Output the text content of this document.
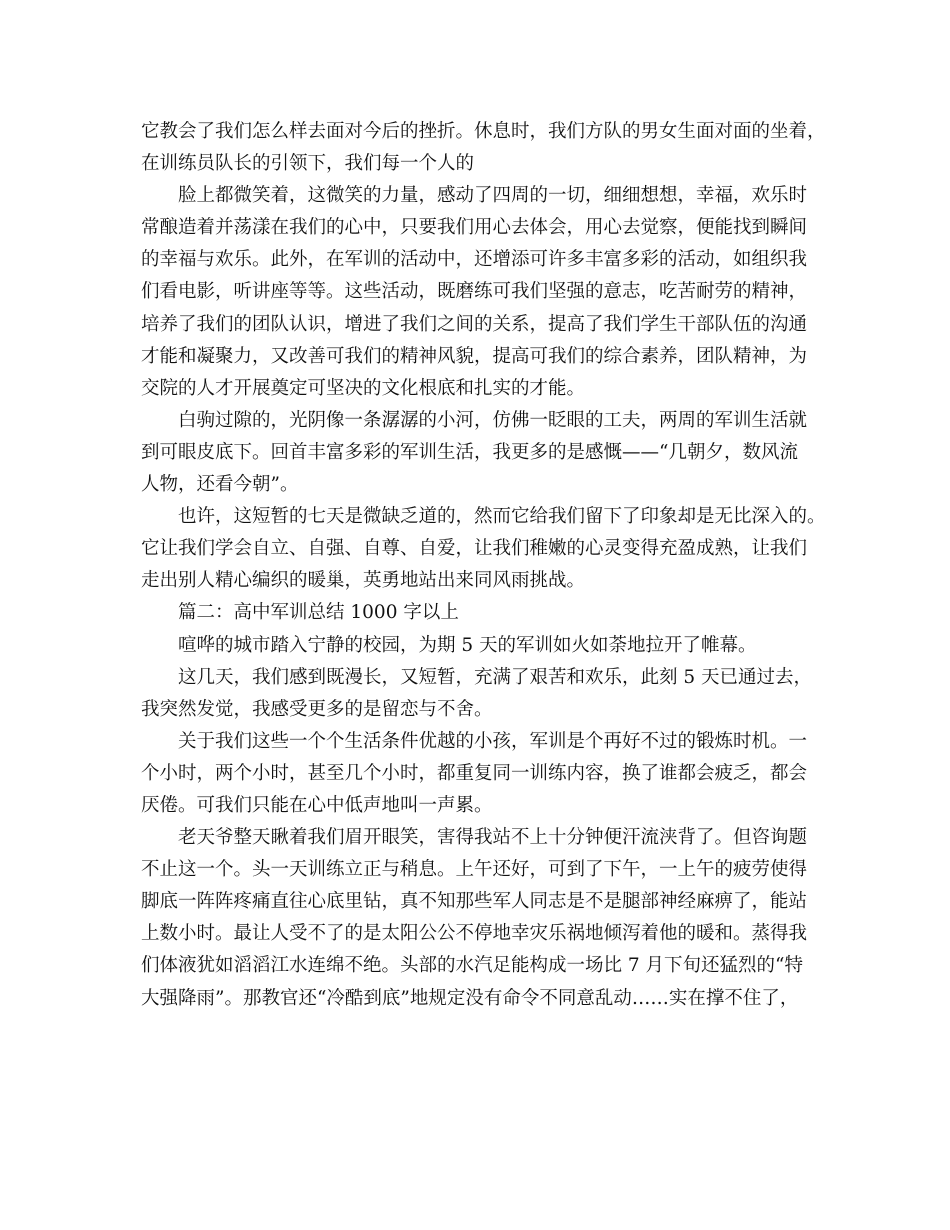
它教会了我们怎么样去面对今后的挫折。休息时，我们方队的男女生面对面的坐着，
在训练员队长的引领下，我们每一个人的
脸上都微笑着，这微笑的力量，感动了四周的一切，细细想想，幸福，欢乐时
常酿造着并荡漾在我们的心中，只要我们用心去体会，用心去觉察，便能找到瞬间
的幸福与欢乐。此外，在军训的活动中，还增添可许多丰富多彩的活动，如组织我
们看电影，听讲座等等。这些活动，既磨练可我们坚强的意志，吃苦耐劳的精神，
培养了我们的团队认识，增进了我们之间的关系，提高了我们学生干部队伍的沟通
才能和凝聚力，又改善可我们的精神风貌，提高可我们的综合素养，团队精神，为
交院的人才开展奠定可坚决的文化根底和扎实的才能。
白驹过隙的，光阴像一条潺潺的小河，仿佛一眨眼的工夫，两周的军训生活就
到可眼皮底下。回首丰富多彩的军训生活，我更多的是感慨——“几朝夕，数风流
人物，还看今朝”。
也许，这短暂的七天是微缺乏道的，然而它给我们留下了印象却是无比深入的。
它让我们学会自立、自强、自尊、自爱，让我们稚嫩的心灵变得充盈成熟，让我们
走出别人精心编织的暖巢，英勇地站出来同风雨挑战。
篇二：高中军训总结 1000 字以上
喧哗的城市踏入宁静的校园，为期 5 天的军训如火如荼地拉开了帷幕。
这几天，我们感到既漫长，又短暂，充满了艰苦和欢乐，此刻 5 天已通过去，
我突然发觉，我感受更多的是留恋与不舍。
关于我们这些一个个生活条件优越的小孩，军训是个再好不过的锻炼时机。一
个小时，两个小时，甚至几个小时，都重复同一训练内容，换了谁都会疲乏，都会
厌倦。可我们只能在心中低声地叫一声累。
老天爷整天瞅着我们眉开眼笑，害得我站不上十分钟便汗流浃背了。但咨询题
不止这一个。头一天训练立正与稍息。上午还好，可到了下午，一上午的疲劳使得
脚底一阵阵疼痛直往心底里钻，真不知那些军人同志是不是腿部神经麻痹了，能站
上数小时。最让人受不了的是太阳公公不停地幸灾乐祸地倾泻着他的暖和。蒸得我
们体液犹如滔滔江水连绵不绝。头部的水汽足能构成一场比 7 月下旬还猛烈的“特
大强降雨”。那教官还“冷酷到底”地规定没有命令不同意乱动……实在撑不住了，
